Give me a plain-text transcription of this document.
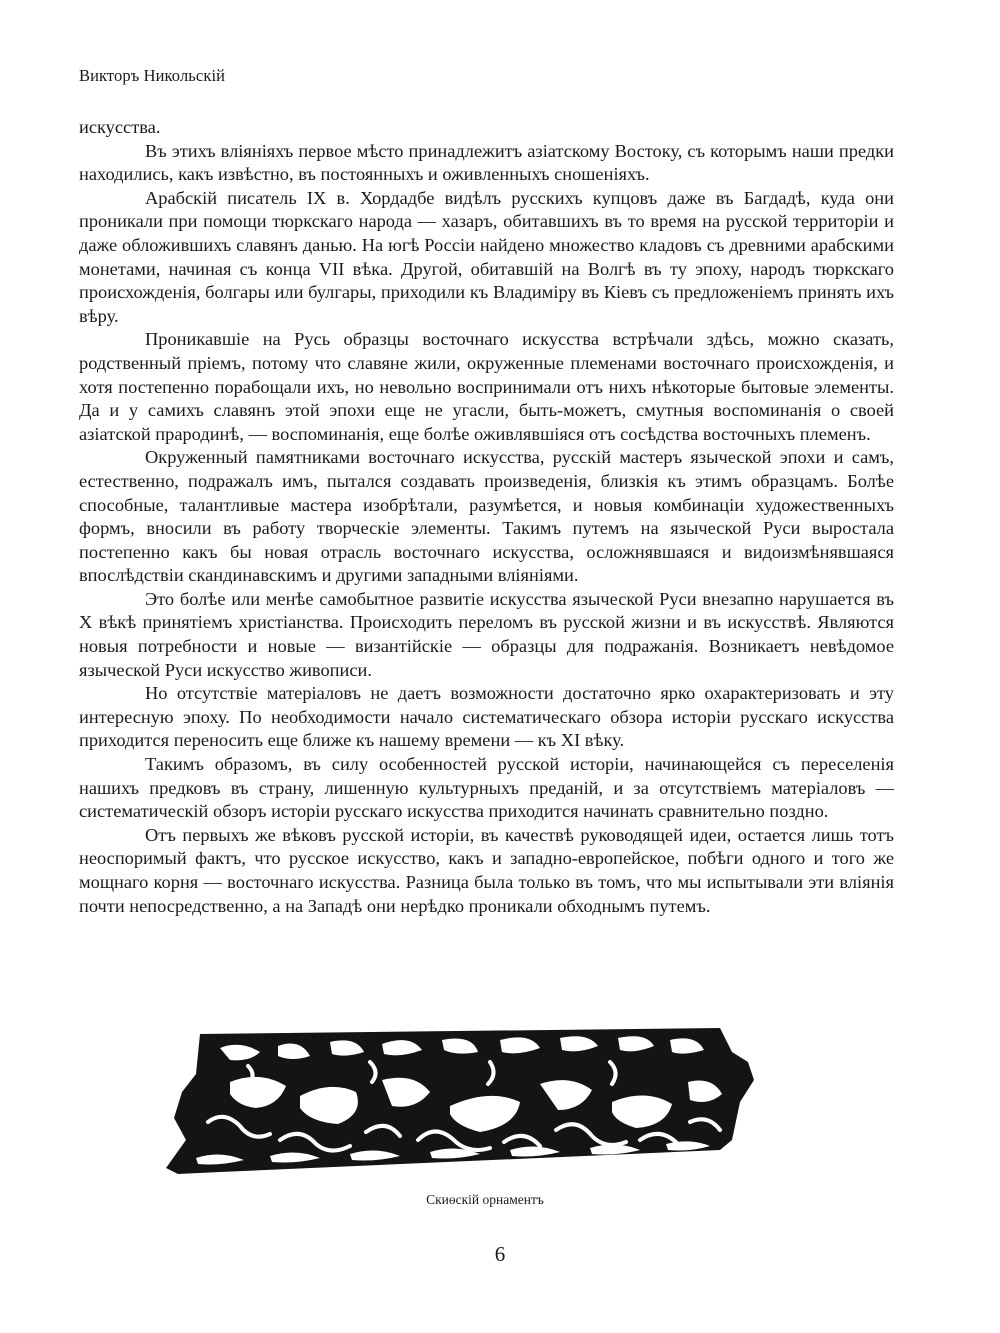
Викторъ Никольскій

искусства.

Въ этихъ вліяніяхъ первое мѣсто принадлежитъ азіатскому Востоку, съ которымъ наши предки находились, какъ извѣстно, въ постоянныхъ и оживленныхъ сношеніяхъ.

Арабскій писатель IX в. Хордадбе видѣлъ русскихъ купцовъ даже въ Багдадѣ, куда они проникали при помощи тюркскаго народа — хазаръ, обитавшихъ въ то время на русской территоріи и даже обложившихъ славянъ данью. На югѣ Россіи найдено множество кладовъ съ древними арабскими монетами, начиная съ конца VII вѣка. Другой, обитавшій на Волгѣ въ ту эпоху, народъ тюркскаго происхожденія, болгары или булгары, приходили къ Владиміру въ Кіевъ съ предложеніемъ принять ихъ вѣру.

Проникавшіе на Русь образцы восточнаго искусства встрѣчали здѣсь, можно сказать, родственный пріемъ, потому что славяне жили, окруженные племенами восточнаго происхожденія, и хотя постепенно порабощали ихъ, но невольно воспринимали отъ нихъ нѣкоторые бытовые элементы. Да и у самихъ славянъ этой эпохи еще не угасли, быть-можетъ, смутныя воспоминанія о своей азіатской прародинѣ, — воспоминанія, еще болѣе оживлявшіяся отъ сосѣдства восточныхъ племенъ.

Окруженный памятниками восточнаго искусства, русскій мастеръ языческой эпохи и самъ, естественно, подражалъ имъ, пытался создавать произведенія, близкія къ этимъ образцамъ. Болѣе способные, талантливые мастера изобрѣтали, разумѣется, и новыя комбинаціи художественныхъ формъ, вносили въ работу творческіе элементы. Такимъ путемъ на языческой Руси выростала постепенно какъ бы новая отрасль восточнаго искусства, осложнявшаяся и видоизмѣнявшаяся впослѣдствіи скандинавскимъ и другими западными вліяніями.

Это болѣе или менѣе самобытное развитіе искусства языческой Руси внезапно нарушается въ X вѣкѣ принятіемъ христіанства. Происходить переломъ въ русской жизни и въ искусствѣ. Являются новыя потребности и новые — византійскіе — образцы для подражанія. Возникаетъ невѣдомое языческой Руси искусство живописи.

Но отсутствіе матеріаловъ не даетъ возможности достаточно ярко охарактеризовать и эту интересную эпоху. По необходимости начало систематическаго обзора исторіи русскаго искусства приходится переносить еще ближе къ нашему времени — къ XI вѣку.

Такимъ образомъ, въ силу особенностей русской исторіи, начинающейся съ переселенія нашихъ предковъ въ страну, лишенную культурныхъ преданій, и за отсутствіемъ матеріаловъ — систематическій обзоръ исторіи русскаго искусства приходится начинать сравнительно поздно.

Отъ первыхъ же вѣковъ русской исторіи, въ качествѣ руководящей идеи, остается лишь тотъ неоспоримый фактъ, что русское искусство, какъ и западно-европейское, побѣги одного и того же мощнаго корня — восточнаго искусства. Разница была только въ томъ, что мы испытывали эти вліянія почти непосредственно, а на Западѣ они нерѣдко проникали обходнымъ путемъ.

Скиѳскій орнаментъ
6
